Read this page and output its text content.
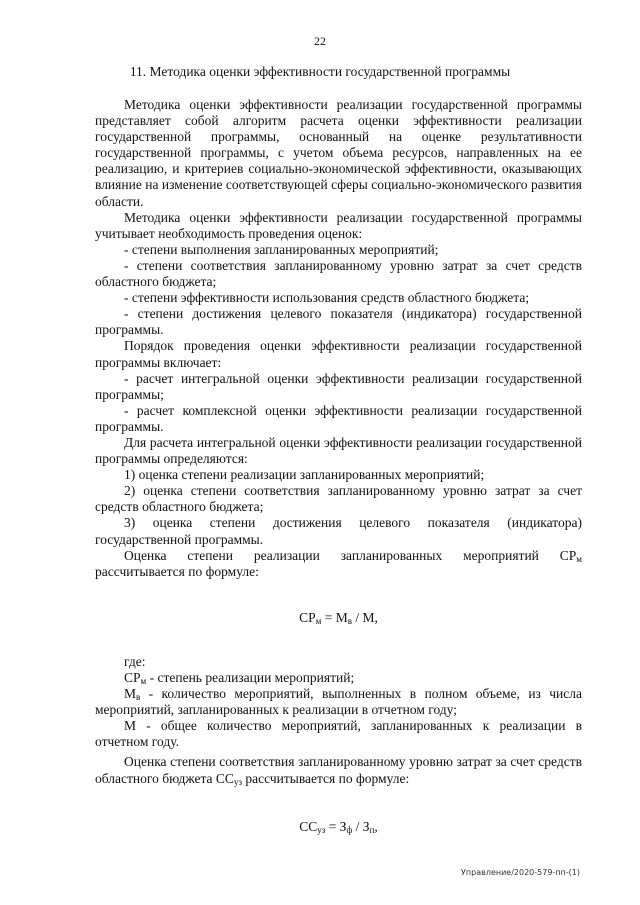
22
11. Методика оценки эффективности государственной программы

Методика оценки эффективности реализации государственной программы представляет собой алгоритм расчета оценки эффективности реализации государственной программы, основанный на оценке результативности государственной программы, с учетом объема ресурсов, направленных на ее реализацию, и критериев социально-экономической эффективности, оказывающих влияние на изменение соответствующей сферы социально-экономического развития области.

Методика оценки эффективности реализации государственной программы учитывает необходимость проведения оценок:

- степени выполнения запланированных мероприятий;

- степени соответствия запланированному уровню затрат за счет средств областного бюджета;

- степени эффективности использования средств областного бюджета;

- степени достижения целевого показателя (индикатора) государственной программы.

Порядок проведения оценки эффективности реализации государственной программы включает:

- расчет интегральной оценки эффективности реализации государственной программы;

- расчет комплексной оценки эффективности реализации государственной программы.

Для расчета интегральной оценки эффективности реализации государственной программы определяются:

1) оценка степени реализации запланированных мероприятий;

2) оценка степени соответствия запланированному уровню затрат за счет средств областного бюджета;

3) оценка степени достижения целевого показателя (индикатора) государственной программы.

Оценка степени реализации запланированных мероприятий $СР_м$ рассчитывается по формуле:

$СР_м = М_в / М$,

где:

$СР_м$ - степень реализации мероприятий;

$М_в$ - количество мероприятий, выполненных в полном объеме, из числа мероприятий, запланированных к реализации в отчетном году;

М - общее количество мероприятий, запланированных к реализации в отчетном году.

Оценка степени соответствия запланированному уровню затрат за счет средств областного бюджета $СС_{уз}$ рассчитывается по формуле:

$СС_{уз} = З_ф / З_п$,
Управление/2020-579-пп-(1)
